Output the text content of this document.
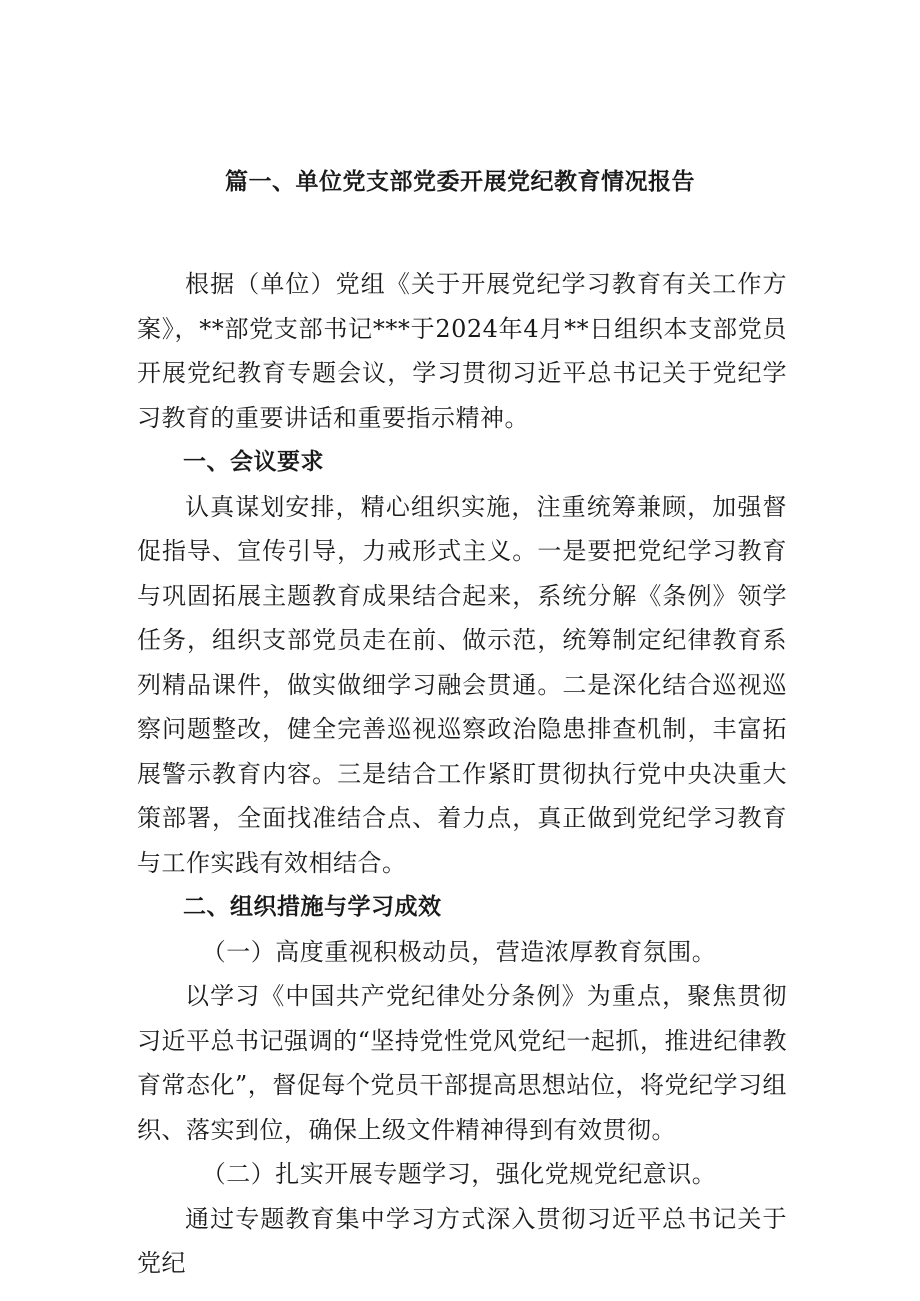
篇一、单位党支部党委开展党纪教育情况报告

根据（单位）党组《关于开展党纪学习教育有关工作方案》，**部党支部书记***于2024年4月**日组织本支部党员开展党纪教育专题会议，学习贯彻习近平总书记关于党纪学习教育的重要讲话和重要指示精神。

一、会议要求

认真谋划安排，精心组织实施，注重统筹兼顾，加强督促指导、宣传引导，力戒形式主义。一是要把党纪学习教育与巩固拓展主题教育成果结合起来，系统分解《条例》领学任务，组织支部党员走在前、做示范，统筹制定纪律教育系列精品课件，做实做细学习融会贯通。二是深化结合巡视巡察问题整改，健全完善巡视巡察政治隐患排查机制，丰富拓展警示教育内容。三是结合工作紧盯贯彻执行党中央决重大策部署，全面找准结合点、着力点，真正做到党纪学习教育与工作实践有效相结合。

二、组织措施与学习成效

（一）高度重视积极动员，营造浓厚教育氛围。

以学习《中国共产党纪律处分条例》为重点，聚焦贯彻习近平总书记强调的“坚持党性党风党纪一起抓，推进纪律教育常态化”，督促每个党员干部提高思想站位，将党纪学习组织、落实到位，确保上级文件精神得到有效贯彻。

（二）扎实开展专题学习，强化党规党纪意识。

通过专题教育集中学习方式深入贯彻习近平总书记关于党纪
